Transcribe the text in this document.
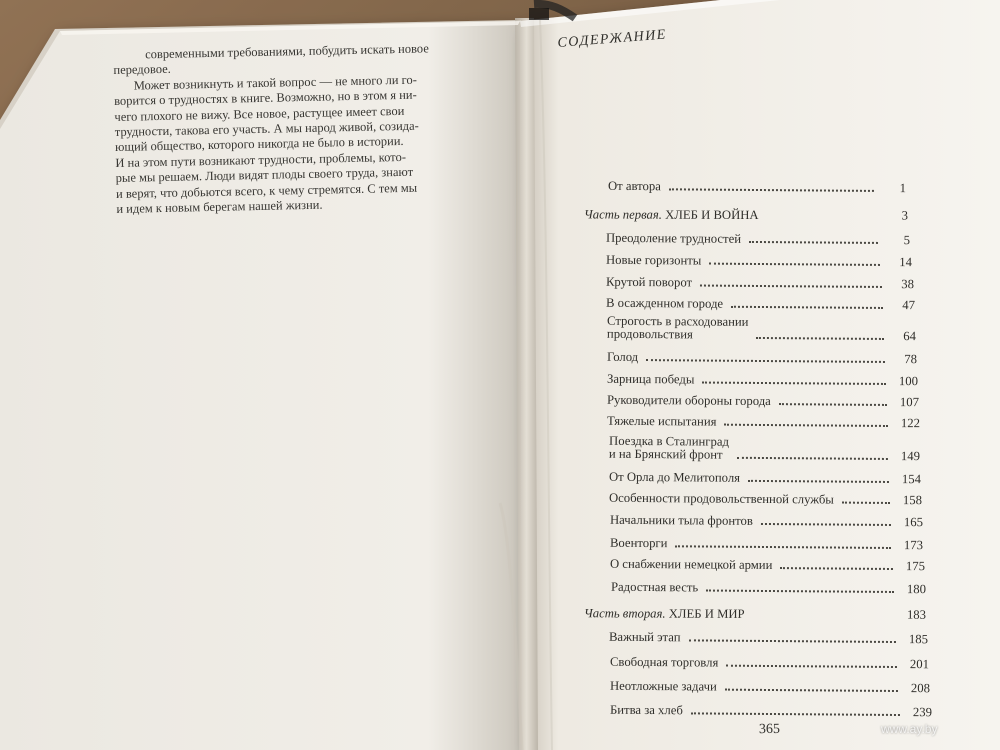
современными требованиями, побудить искать новое
передовое.
Может возникнуть и такой вопрос — не много ли го-
ворится о трудностях в книге. Возможно, но в этом я ни-
чего плохого не вижу. Все новое, растущее имеет свои
трудности, такова его участь. А мы народ живой, созида-
ющий общество, которого никогда не было в истории.
И на этом пути возникают трудности, проблемы, кото-
рые мы решаем. Люди видят плоды своего труда, знают
и верят, что добьются всего, к чему стремятся. С тем мы
и идем к новым берегам нашей жизни.
СОДЕРЖАНИЕ
От автора	1
Часть первая. ХЛЕБ И ВОЙНА	3
Преодоление трудностей	5
Новые горизонты	14
Крутой поворот	38
В осажденном городе	47
Строгость в расходовании
продовольствия	64
Голод	78
Зарница победы	100
Руководители обороны города	107
Тяжелые испытания	122
Поездка в Сталинград
и на Брянский фронт	149
От Орла до Мелитополя	154
Особенности продовольственной службы	158
Начальники тыла фронтов	165
Военторги	173
О снабжении немецкой армии	175
Радостная весть	180
Часть вторая. ХЛЕБ И МИР	183
Важный этап	185
Свободная торговля	201
Неотложные задачи	208
Битва за хлеб	239
365	www.ay.by
